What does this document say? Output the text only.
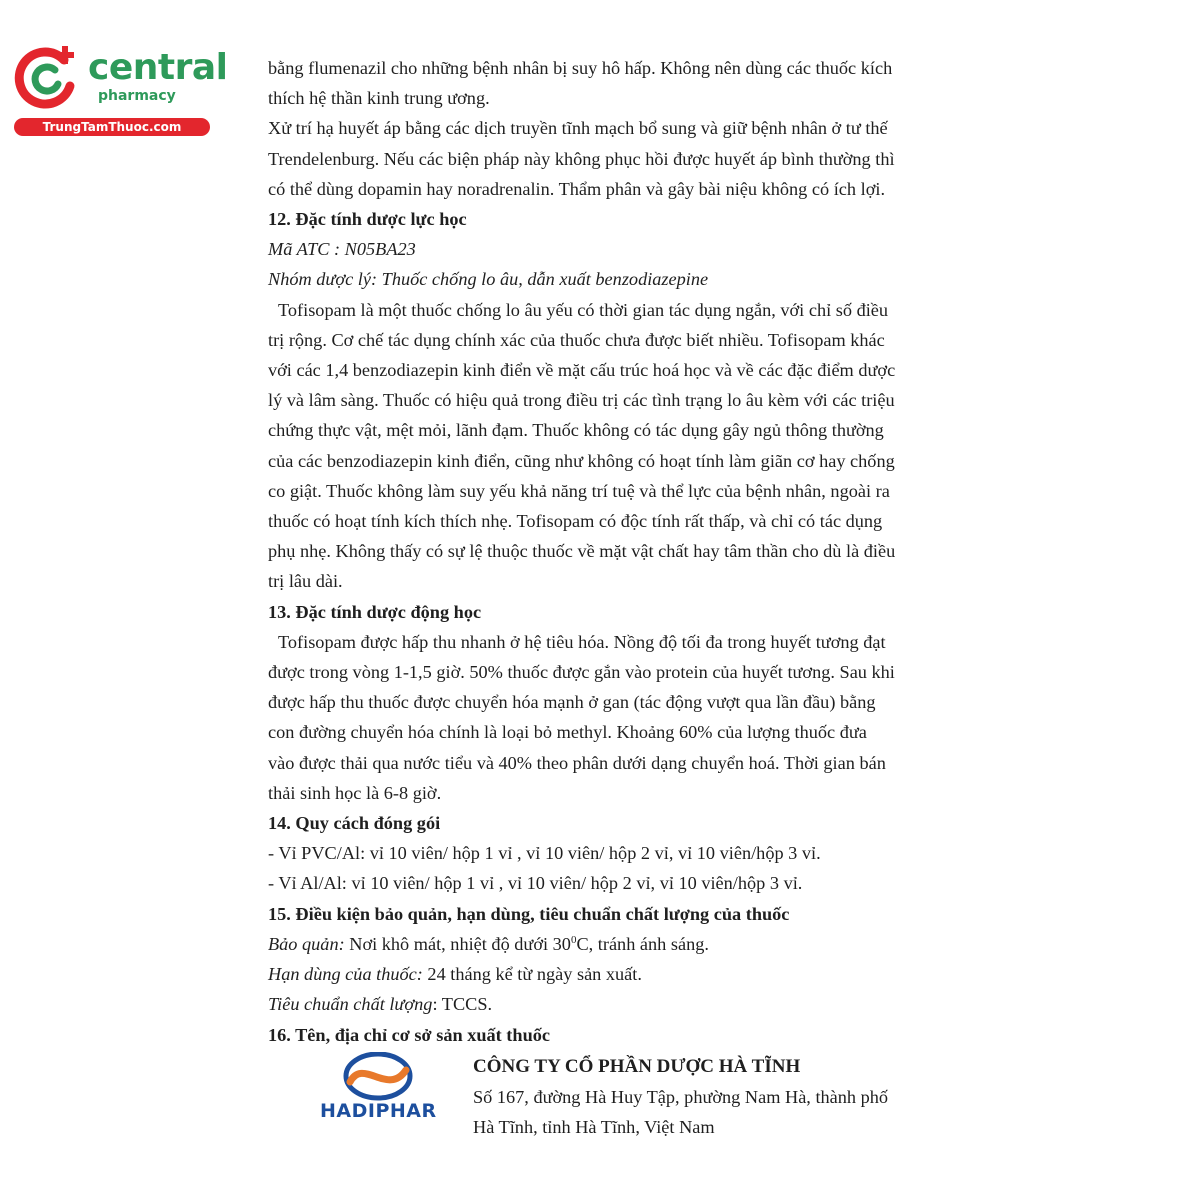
central
pharmacy
TrungTamThuoc.com

bằng flumenazil cho những bệnh nhân bị suy hô hấp. Không nên dùng các thuốc kích

thích hệ thần kinh trung ương.

Xử trí hạ huyết áp bằng các dịch truyền tĩnh mạch bổ sung và giữ bệnh nhân ở tư thế

Trendelenburg. Nếu các biện pháp này không phục hồi được huyết áp bình thường thì

có thể dùng dopamin hay noradrenalin. Thẩm phân và gây bài niệu không có ích lợi.

12. Đặc tính dược lực học

Mã ATC : N05BA23

Nhóm dược lý: Thuốc chống lo âu, dẫn xuất benzodiazepine

Tofisopam là một thuốc chống lo âu yếu có thời gian tác dụng ngắn, với chỉ số điều

trị rộng. Cơ chế tác dụng chính xác của thuốc chưa được biết nhiều. Tofisopam khác

với các 1,4 benzodiazepin kinh điển về mặt cấu trúc hoá học và về các đặc điểm dược

lý và lâm sàng. Thuốc có hiệu quả trong điều trị các tình trạng lo âu kèm với các triệu

chứng thực vật, mệt mỏi, lãnh đạm. Thuốc không có tác dụng gây ngủ thông thường

của các benzodiazepin kinh điển, cũng như không có hoạt tính làm giãn cơ hay chống

co giật. Thuốc không làm suy yếu khả năng trí tuệ và thể lực của bệnh nhân, ngoài ra

thuốc có hoạt tính kích thích nhẹ. Tofisopam có độc tính rất thấp, và chỉ có tác dụng

phụ nhẹ. Không thấy có sự lệ thuộc thuốc về mặt vật chất hay tâm thần cho dù là điều

trị lâu dài.

13. Đặc tính dược động học

Tofisopam được hấp thu nhanh ở hệ tiêu hóa. Nồng độ tối đa trong huyết tương đạt

được trong vòng 1-1,5 giờ. 50% thuốc được gắn vào protein của huyết tương. Sau khi

được hấp thu thuốc được chuyển hóa mạnh ở gan (tác động vượt qua lần đầu) bằng

con đường chuyển hóa chính là loại bỏ methyl. Khoảng 60% của lượng thuốc đưa

vào được thải qua nước tiểu và 40% theo phân dưới dạng chuyển hoá. Thời gian bán

thải sinh học là 6-8 giờ.

14. Quy cách đóng gói

- Vỉ PVC/Al: vỉ 10 viên/ hộp 1 vỉ , vỉ 10 viên/ hộp 2 vỉ, vỉ 10 viên/hộp 3 vỉ.

- Vỉ Al/Al: vỉ 10 viên/ hộp 1 vỉ , vỉ 10 viên/ hộp 2 vỉ, vỉ 10 viên/hộp 3 vỉ.

15. Điều kiện bảo quản, hạn dùng, tiêu chuẩn chất lượng của thuốc

Bảo quản: Nơi khô mát, nhiệt độ dưới $30^0C$, tránh ánh sáng.

Hạn dùng của thuốc: 24 tháng kể từ ngày sản xuất.

Tiêu chuẩn chất lượng: TCCS.

16. Tên, địa chỉ cơ sở sản xuất thuốc

HADIPHAR
CÔNG TY CỔ PHẦN DƯỢC HÀ TĨNH
Số 167, đường Hà Huy Tập, phường Nam Hà, thành phố
Hà Tĩnh, tỉnh Hà Tĩnh, Việt Nam
